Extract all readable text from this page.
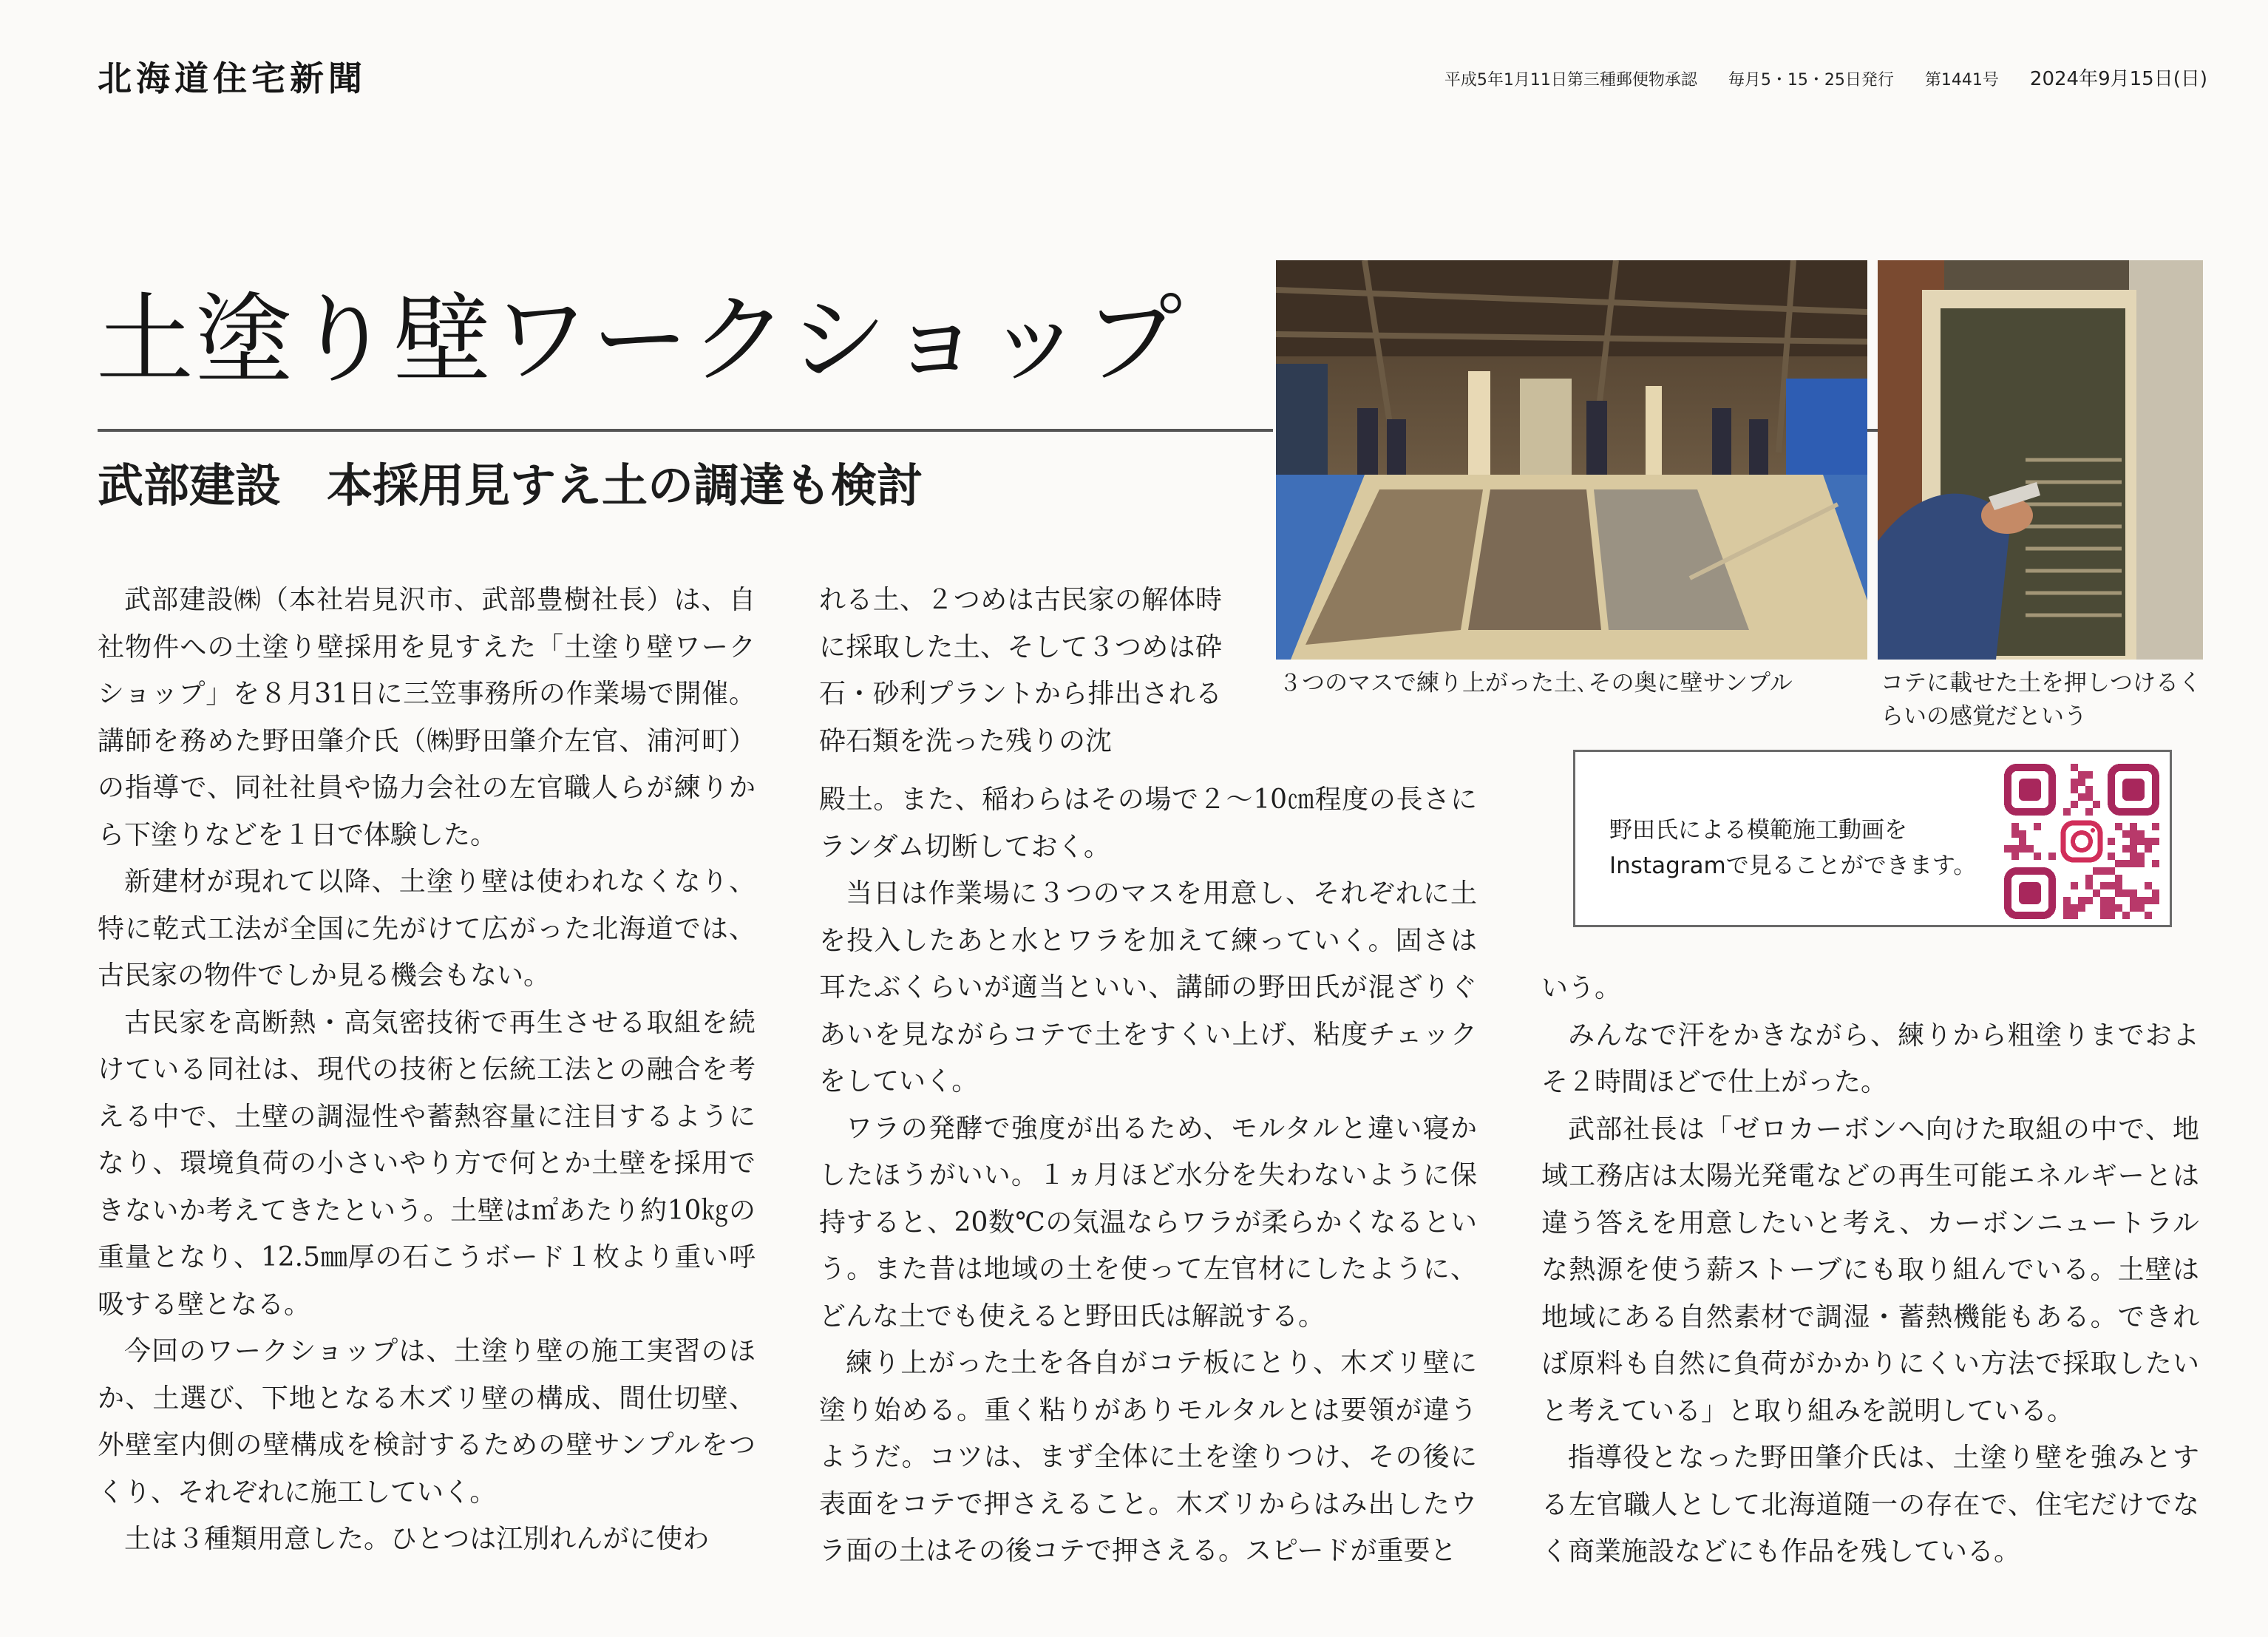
北海道住宅新聞	平成5年1月11日第三種郵便物承認 毎月5・15・25日発行 第1441号 2024年9月15日(日)
土塗り壁ワークショップ
武部建設　本採用見すえ土の調達も検討
３つのマスで練り上がった土､その奥に壁サンプル	コテに載せた土を押しつけるくらいの感覚だという
野田氏による模範施工動画を
Instagramで見ることができます。

武部建設㈱（本社岩見沢市、武部豊樹社長）は、自社物件への土塗り壁採用を見すえた「土塗り壁ワークショップ」を８月31日に三笠事務所の作業場で開催。講師を務めた野田肇介氏（㈱野田肇介左官、浦河町）の指導で、同社社員や協力会社の左官職人らが練りから下塗りなどを１日で体験した。

新建材が現れて以降、土塗り壁は使われなくなり、特に乾式工法が全国に先がけて広がった北海道では、古民家の物件でしか見る機会もない。

古民家を高断熱・高気密技術で再生させる取組を続けている同社は、現代の技術と伝統工法との融合を考える中で、土壁の調湿性や蓄熱容量に注目するようになり、環境負荷の小さいやり方で何とか土壁を採用できないか考えてきたという。土壁は㎡あたり約10㎏の重量となり、12.5㎜厚の石こうボード１枚より重い呼吸する壁となる。

今回のワークショップは、土塗り壁の施工実習のほか、土選び、下地となる木ズリ壁の構成、間仕切壁、外壁室内側の壁構成を検討するための壁サンプルをつくり、それぞれに施工していく。

土は３種類用意した。ひとつは江別れんがに使わ

れる土、２つめは古民家の解体時に採取した土、そして３つめは砕石・砂利プラントから排出される砕石類を洗った残りの沈

殿土。また、稲わらはその場で２～10㎝程度の長さにランダム切断しておく。

当日は作業場に３つのマスを用意し、それぞれに土を投入したあと水とワラを加えて練っていく。固さは耳たぶくらいが適当といい、講師の野田氏が混ざりぐあいを見ながらコテで土をすくい上げ、粘度チェックをしていく。

ワラの発酵で強度が出るため、モルタルと違い寝かしたほうがいい。１ヵ月ほど水分を失わないように保持すると、20数℃の気温ならワラが柔らかくなるという。また昔は地域の土を使って左官材にしたように、どんな土でも使えると野田氏は解説する。

練り上がった土を各自がコテ板にとり、木ズリ壁に塗り始める。重く粘りがありモルタルとは要領が違うようだ。コツは、まず全体に土を塗りつけ、その後に表面をコテで押さえること。木ズリからはみ出したウラ面の土はその後コテで押さえる。スピードが重要と

いう。

みんなで汗をかきながら、練りから粗塗りまでおよそ２時間ほどで仕上がった。

武部社長は「ゼロカーボンへ向けた取組の中で、地域工務店は太陽光発電などの再生可能エネルギーとは違う答えを用意したいと考え、カーボンニュートラルな熱源を使う薪ストーブにも取り組んでいる。土壁は地域にある自然素材で調湿・蓄熱機能もある。できれば原料も自然に負荷がかかりにくい方法で採取したいと考えている」と取り組みを説明している。

指導役となった野田肇介氏は、土塗り壁を強みとする左官職人として北海道随一の存在で、住宅だけでなく商業施設などにも作品を残している。
